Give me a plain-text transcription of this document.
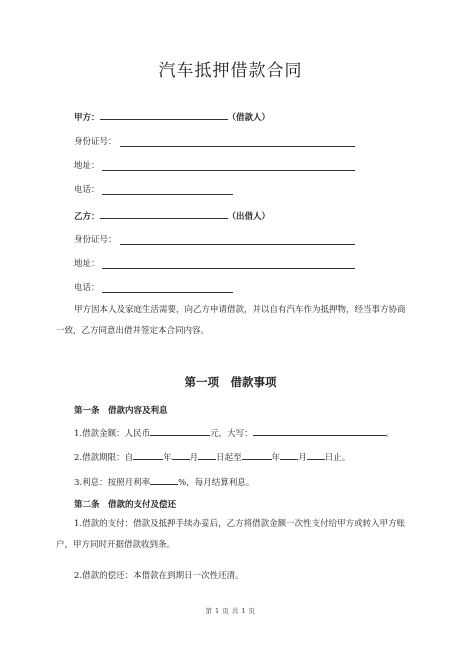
汽车抵押借款合同
甲方：	（借款人）
身份证号：
地址：
电话：
乙方：	（出借人）
身份证号：
地址：
电话：
甲方因本人及家庭生活需要，向乙方申请借款，并以自有汽车作为抵押物，经当事方协商一致，乙方同意出借并签定本合同内容。
第一项　借款事项
第一条　借款内容及利息
1.借款金额：人民币	元，大写：	。
2.借款期限：自	年 月 日起至	年 月 日止。
3.利息：按照月利率	%，每月结算利息。
第二条　借款的支付及偿还
1.借款的支付：借款及抵押手续办妥后，乙方将借款金额一次性支付给甲方或转入甲方账户，甲方同时开据借款收到条。
2.借款的偿还：本借款在到期日一次性还清。
第 1 页 共 1 页
